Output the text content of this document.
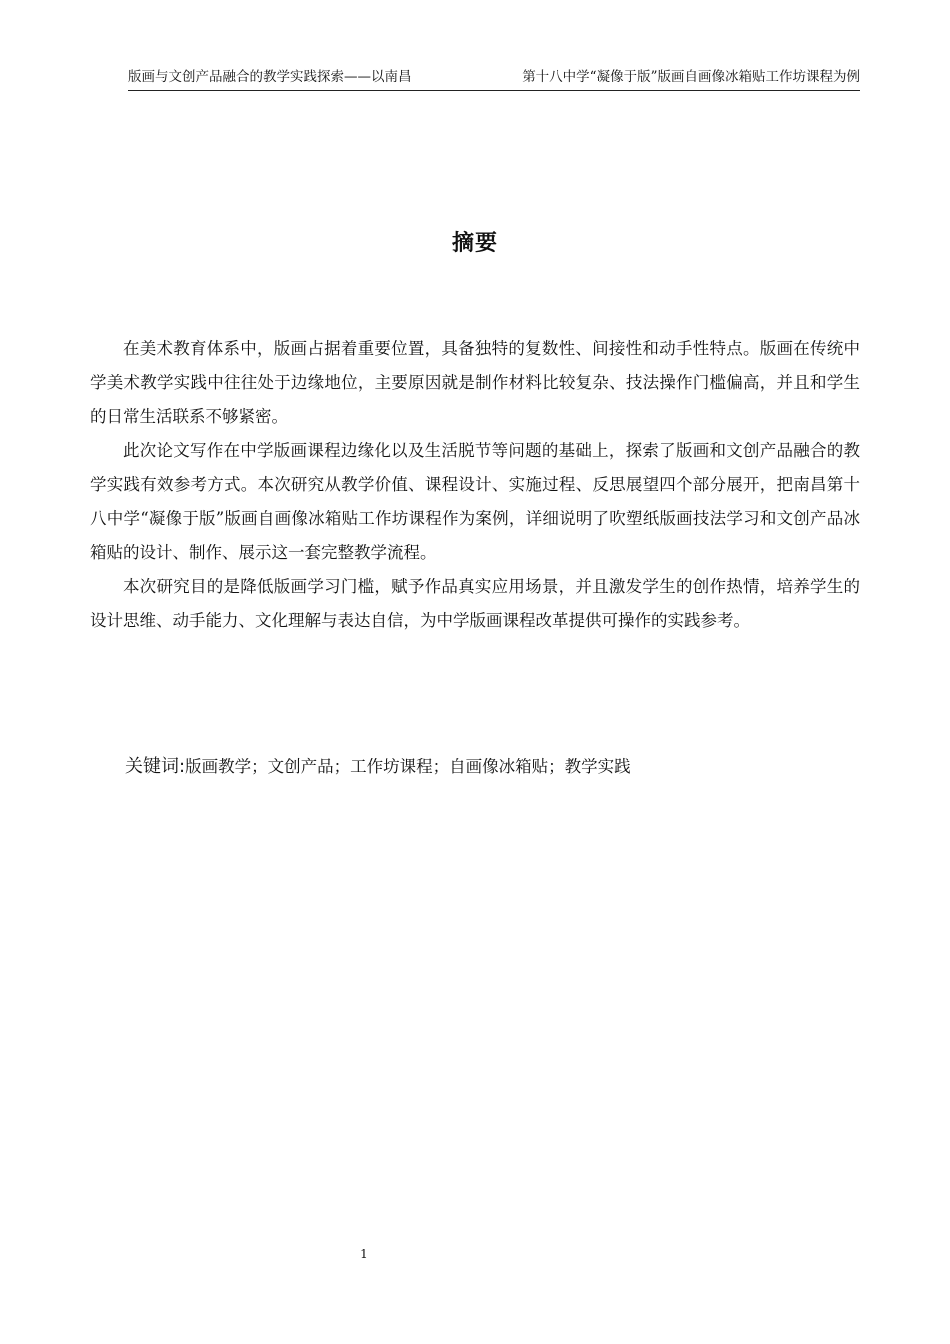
版画与文创产品融合的教学实践探索——以南昌	第十八中学“凝像于版”版画自画像冰箱贴工作坊课程为例
摘要

在美术教育体系中，版画占据着重要位置，具备独特的复数性、间接性和动手性特点。版画在传统中学美术教学实践中往往处于边缘地位，主要原因就是制作材料比较复杂、技法操作门槛偏高，并且和学生的日常生活联系不够紧密。

此次论文写作在中学版画课程边缘化以及生活脱节等问题的基础上，探索了版画和文创产品融合的教学实践有效参考方式。本次研究从教学价值、课程设计、实施过程、反思展望四个部分展开，把南昌第十八中学“凝像于版”版画自画像冰箱贴工作坊课程作为案例，详细说明了吹塑纸版画技法学习和文创产品冰箱贴的设计、制作、展示这一套完整教学流程。

本次研究目的是降低版画学习门槛，赋予作品真实应用场景，并且激发学生的创作热情，培养学生的设计思维、动手能力、文化理解与表达自信，为中学版画课程改革提供可操作的实践参考。

关键词:版画教学；文创产品；工作坊课程；自画像冰箱贴；教学实践
1
